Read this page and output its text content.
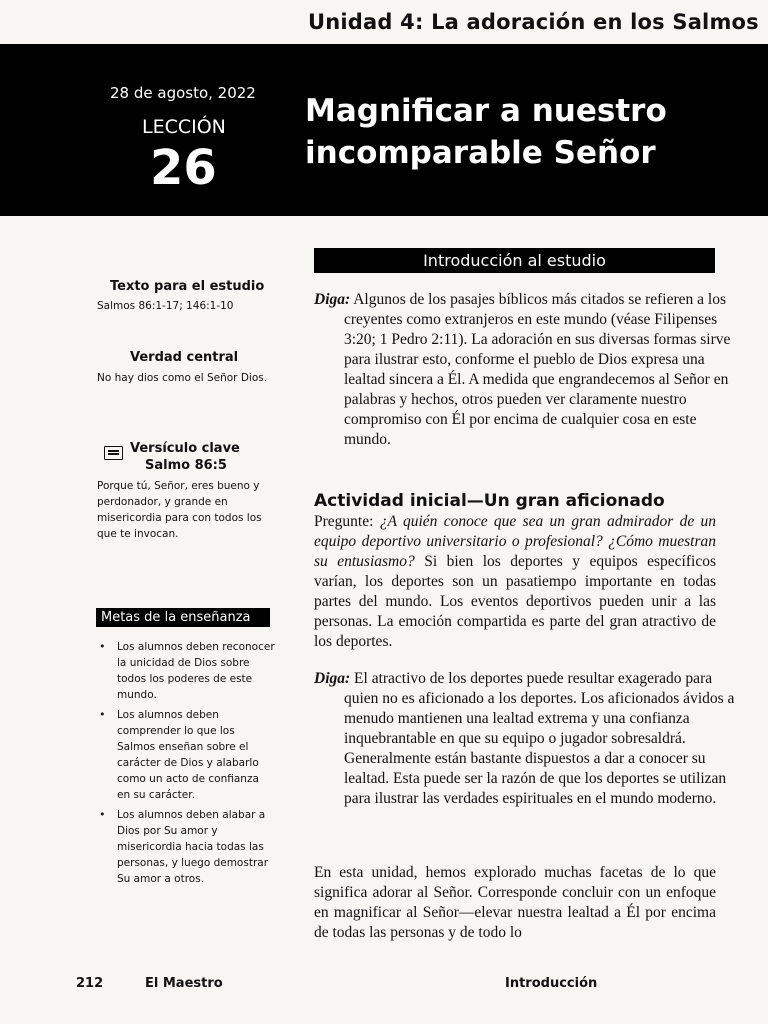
Unidad 4: La adoración en los Salmos
28 de agosto, 2022
LECCIÓN
26
Magnificar a nuestro
incomparable Señor
Introducción al estudio
Texto para el estudio
Salmos 86:1-17; 146:1-10
Verdad central
No hay dios como el Señor Dios.
Versículo clave
Salmo 86:5
Porque tú, Señor, eres bueno y perdonador, y grande en misericordia para con todos los que te invocan.
Metas de la enseñanza
• Los alumnos deben reconocer la unicidad de Dios sobre todos los poderes de este mundo.
• Los alumnos deben comprender lo que los Salmos enseñan sobre el carácter de Dios y alabarlo como un acto de confianza en su carácter.
• Los alumnos deben alabar a Dios por Su amor y misericordia hacia todas las personas, y luego demostrar Su amor a otros.
Diga: Algunos de los pasajes bíblicos más citados se refieren a los creyentes como extranjeros en este mundo (véase Filipenses 3:20; 1 Pedro 2:11). La adoración en sus diversas formas sirve para ilustrar esto, conforme el pueblo de Dios expresa una lealtad sincera a Él. A medida que engrandecemos al Señor en palabras y hechos, otros pueden ver claramente nuestro compromiso con Él por encima de cualquier cosa en este mundo.
Actividad inicial—Un gran aficionado
Pregunte: ¿A quién conoce que sea un gran admirador de un equipo deportivo universitario o profesional? ¿Cómo muestran su entusiasmo? Si bien los deportes y equipos específicos varían, los deportes son un pasatiempo importante en todas partes del mundo. Los eventos deportivos pueden unir a las personas. La emoción compartida es parte del gran atractivo de los deportes.
Diga: El atractivo de los deportes puede resultar exagerado para quien no es aficionado a los deportes. Los aficionados ávidos a menudo mantienen una lealtad extrema y una confianza inquebrantable en que su equipo o jugador sobresaldrá. Generalmente están bastante dispuestos a dar a conocer su lealtad. Esta puede ser la razón de que los deportes se utilizan para ilustrar las verdades espirituales en el mundo moderno.
En esta unidad, hemos explorado muchas facetas de lo que significa adorar al Señor. Corresponde concluir con un enfoque en magnificar al Señor—elevar nuestra lealtad a Él por encima de todas las personas y de todo lo
212	El Maestro	Introducción
